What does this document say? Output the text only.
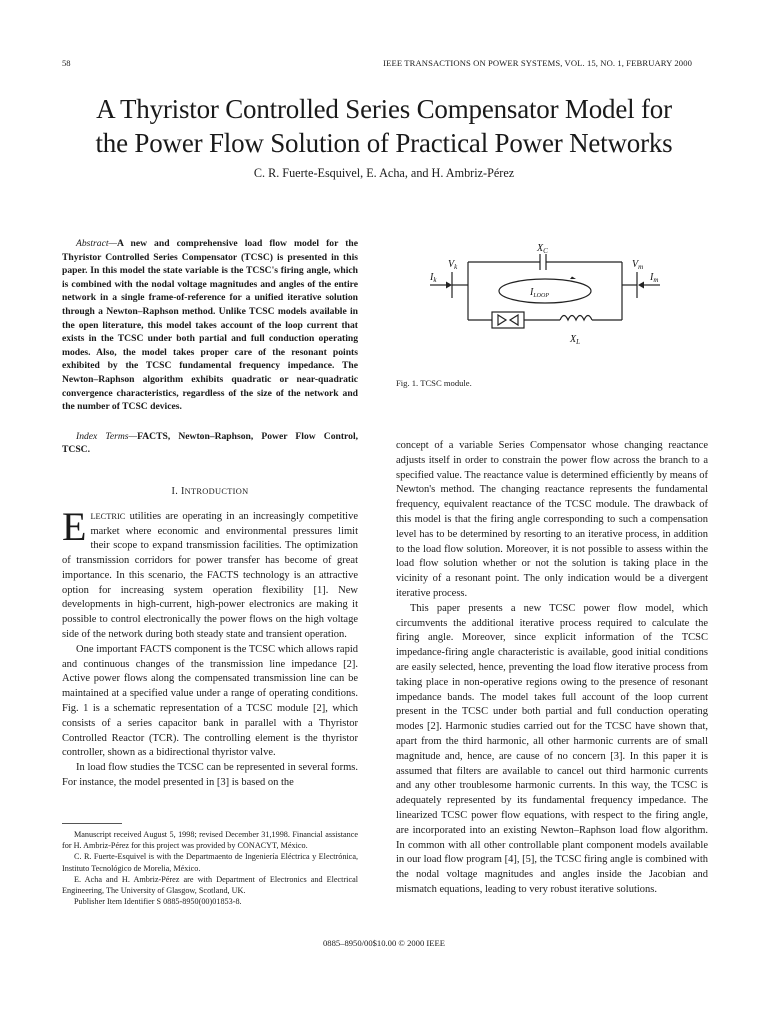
58	IEEE TRANSACTIONS ON POWER SYSTEMS, VOL. 15, NO. 1, FEBRUARY 2000
A Thyristor Controlled Series Compensator Model for
the Power Flow Solution of Practical Power Networks
C. R. Fuerte-Esquivel, E. Acha, and H. Ambriz-Pérez

Abstract—A new and comprehensive load flow model for the Thyristor Controlled Series Compensator (TCSC) is presented in this paper. In this model the state variable is the TCSC's firing angle, which is combined with the nodal voltage magnitudes and angles of the entire network in a single frame-of-reference for a unified iterative solution through a Newton–Raphson method. Unlike TCSC models available in the open literature, this model takes account of the loop current that exists in the TCSC under both partial and full conduction operating modes. Also, the model takes proper care of the resonant points exhibited by the TCSC fundamental frequency impedance. The Newton–Raphson algorithm exhibits quadratic or near-quadratic convergence characteristics, regardless of the size of the network and the number of TCSC devices.

Index Terms—FACTS, Newton–Raphson, Power Flow Control, TCSC.

I. INTRODUCTION

ELECTRIC utilities are operating in an increasingly competitive market where economic and environmental pressures limit their scope to expand transmission facilities. The optimization of transmission corridors for power transfer has become of great importance. In this scenario, the FACTS technology is an attractive option for increasing system operation flexibility [1]. New developments in high-current, high-power electronics are making it possible to control electronically the power flows on the high voltage side of the network during both steady state and transient operation.

One important FACTS component is the TCSC which allows rapid and continuous changes of the transmission line impedance [2]. Active power flows along the compensated transmission line can be maintained at a specified value under a range of operating conditions. Fig. 1 is a schematic representation of a TCSC module [2], which consists of a series capacitor bank in parallel with a Thyristor Controlled Reactor (TCR). The controlling element is the thyristor controller, shown as a bidirectional thyristor valve.

In load flow studies the TCSC can be represented in several forms. For instance, the model presented in [3] is based on the

Manuscript received August 5, 1998; revised December 31,1998. Financial assistance for H. Ambriz-Pérez for this project was provided by CONACYT, México.

C. R. Fuerte-Esquivel is with the Departmaento de Ingeniería Eléctrica y Electrónica, Instituto Tecnológico de Morelia, México.

E. Acha and H. Ambriz-Pérez are with Department of Electronics and Electrical Engineering, The University of Glasgow, Scotland, UK.

Publisher Item Identifier S 0885-8950(00)01853-8.

$X_C$
$V_k$	$V_m$
$I_k$	$I_m$
$I_{LOOP}$
$X_L$
Fig. 1. TCSC module.

concept of a variable Series Compensator whose changing reactance adjusts itself in order to constrain the power flow across the branch to a specified value. The reactance value is determined efficiently by means of Newton's method. The changing reactance represents the fundamental frequency, equivalent reactance of the TCSC module. The drawback of this model is that the firing angle corresponding to such a compensation level has to be determined by resorting to an iterative process, in addition to the load flow solution. Moreover, it is not possible to assess within the load flow solution whether or not the solution is taking place in the vicinity of a resonant point. The only indication would be a divergent iterative process.

This paper presents a new TCSC power flow model, which circumvents the additional iterative process required to calculate the firing angle. Moreover, since explicit information of the TCSC impedance-firing angle characteristic is available, good initial conditions are easily selected, hence, preventing the load flow iterative process from taking place in non-operative regions owing to the presence of resonant impedance bands. The model takes full account of the loop current present in the TCSC under both partial and full conduction operating modes [2]. Harmonic studies carried out for the TCSC have shown that, apart from the third harmonic, all other harmonic currents are of small magnitude and, hence, are cause of no concern [3]. In this paper it is assumed that filters are available to cancel out third harmonic currents and any other troublesome harmonic currents. In this way, the TCSC is adequately represented by its fundamental frequency impedance. The linearized TCSC power flow equations, with respect to the firing angle, are incorporated into an existing Newton–Raphson load flow algorithm. In common with all other controllable plant component models available in our load flow program [4], [5], the TCSC firing angle is combined with the nodal voltage magnitudes and angles inside the Jacobian and mismatch equations, leading to very robust iterative solutions.

0885–8950/00$10.00 © 2000 IEEE
